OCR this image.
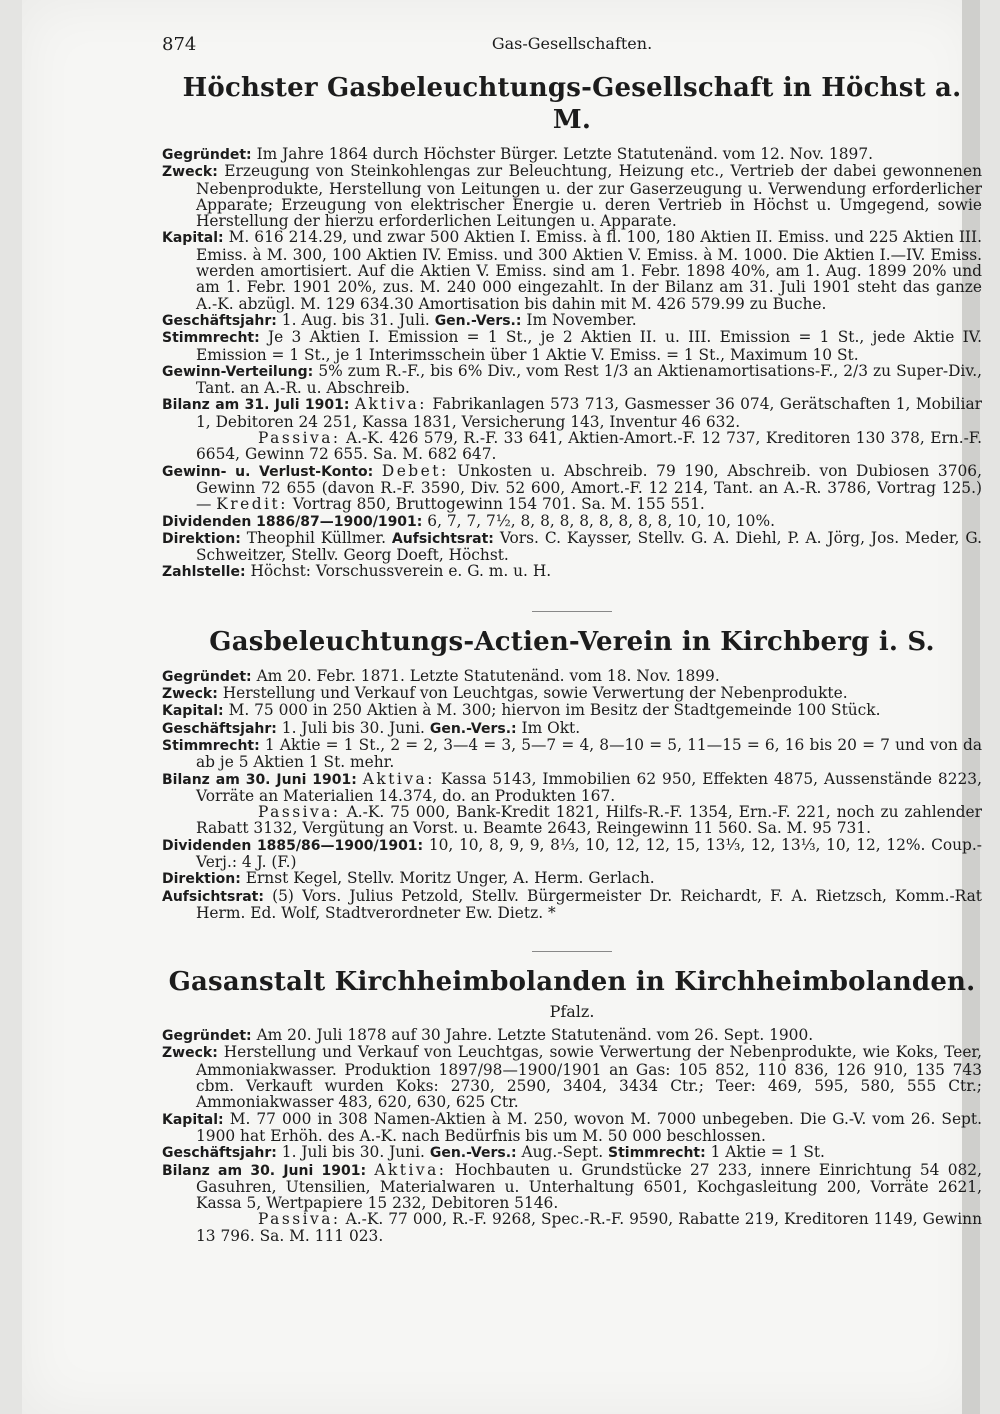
874	Gas-Gesellschaften.
Höchster Gasbeleuchtungs-Gesellschaft in Höchst a. M.

Gegründet: Im Jahre 1864 durch Höchster Bürger. Letzte Statutenänd. vom 12. Nov. 1897.

Zweck: Erzeugung von Steinkohlengas zur Beleuchtung, Heizung etc., Vertrieb der dabei gewonnenen Nebenprodukte, Herstellung von Leitungen u. der zur Gaserzeugung u. Verwendung erforderlicher Apparate; Erzeugung von elektrischer Energie u. deren Vertrieb in Höchst u. Umgegend, sowie Herstellung der hierzu erforderlichen Leitungen u. Apparate.

Kapital: M. 616 214.29, und zwar 500 Aktien I. Emiss. à fl. 100, 180 Aktien II. Emiss. und 225 Aktien III. Emiss. à M. 300, 100 Aktien IV. Emiss. und 300 Aktien V. Emiss. à M. 1000. Die Aktien I.—IV. Emiss. werden amortisiert. Auf die Aktien V. Emiss. sind am 1. Febr. 1898 40%, am 1. Aug. 1899 20% und am 1. Febr. 1901 20%, zus. M. 240 000 eingezahlt. In der Bilanz am 31. Juli 1901 steht das ganze A.-K. abzügl. M. 129 634.30 Amortisation bis dahin mit M. 426 579.99 zu Buche.

Geschäftsjahr: 1. Aug. bis 31. Juli. Gen.-Vers.: Im November.

Stimmrecht: Je 3 Aktien I. Emission = 1 St., je 2 Aktien II. u. III. Emission = 1 St., jede Aktie IV. Emission = 1 St., je 1 Interimsschein über 1 Aktie V. Emiss. = 1 St., Maximum 10 St.

Gewinn-Verteilung: 5% zum R.-F., bis 6% Div., vom Rest 1/3 an Aktienamortisations-F., 2/3 zu Super-Div., Tant. an A.-R. u. Abschreib.

Bilanz am 31. Juli 1901: Aktiva: Fabrikanlagen 573 713, Gasmesser 36 074, Gerätschaften 1, Mobiliar 1, Debitoren 24 251, Kassa 1831, Versicherung 143, Inventur 46 632.

Passiva: A.-K. 426 579, R.-F. 33 641, Aktien-Amort.-F. 12 737, Kreditoren 130 378, Ern.-F. 6654, Gewinn 72 655. Sa. M. 682 647.

Gewinn- u. Verlust-Konto: Debet: Unkosten u. Abschreib. 79 190, Abschreib. von Dubiosen 3706, Gewinn 72 655 (davon R.-F. 3590, Div. 52 600, Amort.-F. 12 214, Tant. an A.-R. 3786, Vortrag 125.) — Kredit: Vortrag 850, Bruttogewinn 154 701. Sa. M. 155 551.

Dividenden 1886/87—1900/1901: 6, 7, 7, 7½, 8, 8, 8, 8, 8, 8, 8, 8, 10, 10, 10%.

Direktion: Theophil Küllmer. Aufsichtsrat: Vors. C. Kaysser, Stellv. G. A. Diehl, P. A. Jörg, Jos. Meder, G. Schweitzer, Stellv. Georg Doeft, Höchst.

Zahlstelle: Höchst: Vorschussverein e. G. m. u. H.

Gasbeleuchtungs-Actien-Verein in Kirchberg i. S.

Gegründet: Am 20. Febr. 1871. Letzte Statutenänd. vom 18. Nov. 1899.

Zweck: Herstellung und Verkauf von Leuchtgas, sowie Verwertung der Nebenprodukte.

Kapital: M. 75 000 in 250 Aktien à M. 300; hiervon im Besitz der Stadtgemeinde 100 Stück.

Geschäftsjahr: 1. Juli bis 30. Juni. Gen.-Vers.: Im Okt.

Stimmrecht: 1 Aktie = 1 St., 2 = 2, 3—4 = 3, 5—7 = 4, 8—10 = 5, 11—15 = 6, 16 bis 20 = 7 und von da ab je 5 Aktien 1 St. mehr.

Bilanz am 30. Juni 1901: Aktiva: Kassa 5143, Immobilien 62 950, Effekten 4875, Aussenstände 8223, Vorräte an Materialien 14.374, do. an Produkten 167.

Passiva: A.-K. 75 000, Bank-Kredit 1821, Hilfs-R.-F. 1354, Ern.-F. 221, noch zu zahlender Rabatt 3132, Vergütung an Vorst. u. Beamte 2643, Reingewinn 11 560. Sa. M. 95 731.

Dividenden 1885/86—1900/1901: 10, 10, 8, 9, 9, 8⅓, 10, 12, 12, 15, 13⅓, 12, 13⅓, 10, 12, 12%. Coup.-Verj.: 4 J. (F.)

Direktion: Ernst Kegel, Stellv. Moritz Unger, A. Herm. Gerlach.

Aufsichtsrat: (5) Vors. Julius Petzold, Stellv. Bürgermeister Dr. Reichardt, F. A. Rietzsch, Komm.-Rat Herm. Ed. Wolf, Stadtverordneter Ew. Dietz. *

Gasanstalt Kirchheimbolanden in Kirchheimbolanden.
Pfalz.

Gegründet: Am 20. Juli 1878 auf 30 Jahre. Letzte Statutenänd. vom 26. Sept. 1900.

Zweck: Herstellung und Verkauf von Leuchtgas, sowie Verwertung der Nebenprodukte, wie Koks, Teer, Ammoniakwasser. Produktion 1897/98—1900/1901 an Gas: 105 852, 110 836, 126 910, 135 743 cbm. Verkauft wurden Koks: 2730, 2590, 3404, 3434 Ctr.; Teer: 469, 595, 580, 555 Ctr.; Ammoniakwasser 483, 620, 630, 625 Ctr.

Kapital: M. 77 000 in 308 Namen-Aktien à M. 250, wovon M. 7000 unbegeben. Die G.-V. vom 26. Sept. 1900 hat Erhöh. des A.-K. nach Bedürfnis bis um M. 50 000 beschlossen.

Geschäftsjahr: 1. Juli bis 30. Juni. Gen.-Vers.: Aug.-Sept. Stimmrecht: 1 Aktie = 1 St.

Bilanz am 30. Juni 1901: Aktiva: Hochbauten u. Grundstücke 27 233, innere Einrichtung 54 082, Gasuhren, Utensilien, Materialwaren u. Unterhaltung 6501, Kochgasleitung 200, Vorräte 2621, Kassa 5, Wertpapiere 15 232, Debitoren 5146.

Passiva: A.-K. 77 000, R.-F. 9268, Spec.-R.-F. 9590, Rabatte 219, Kreditoren 1149, Gewinn 13 796. Sa. M. 111 023.
